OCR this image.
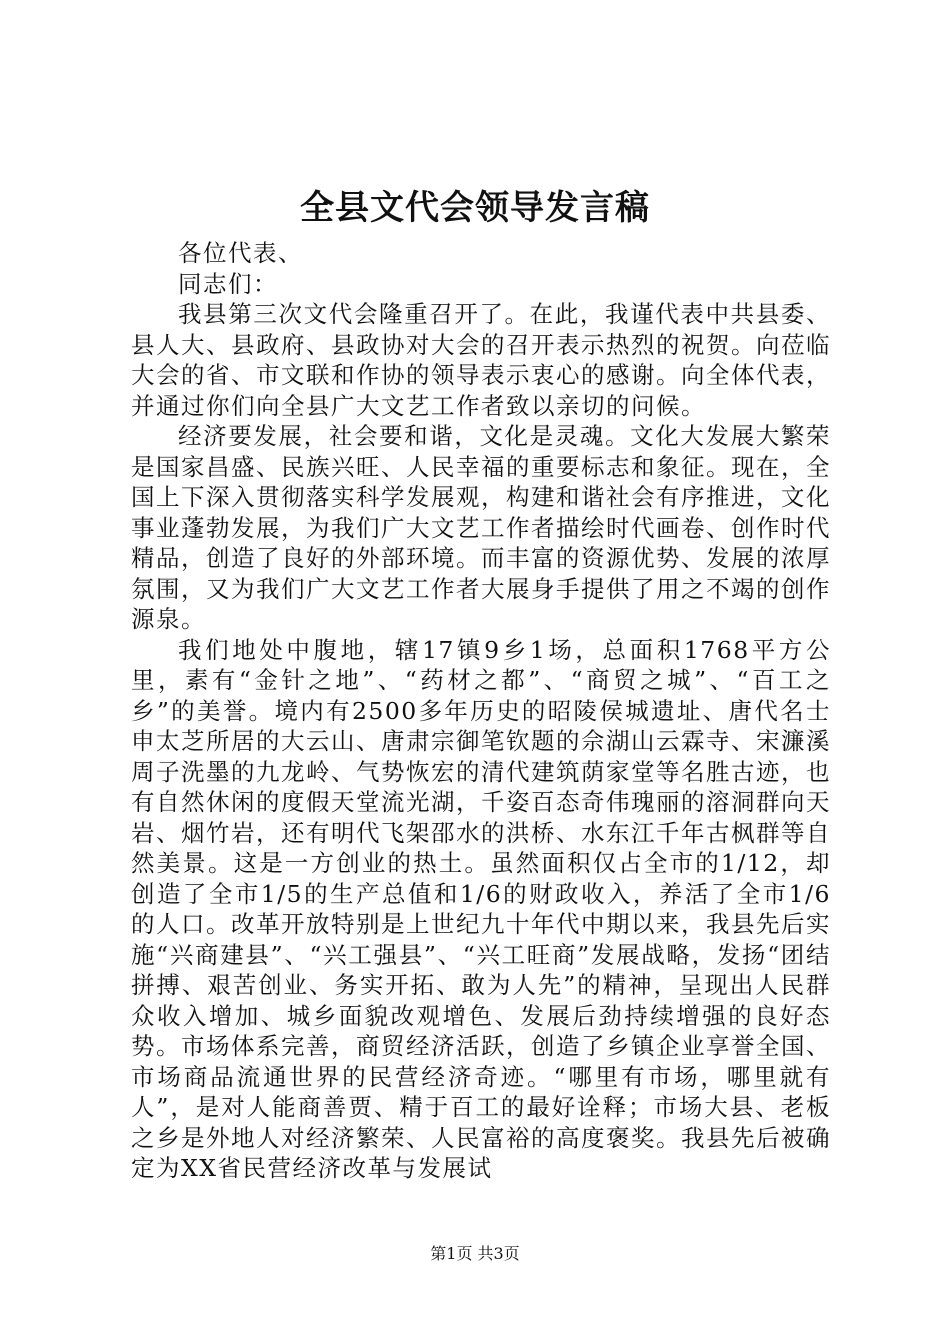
全县文代会领导发言稿

各位代表、

同志们：

我县第三次文代会隆重召开了。在此，我谨代表中共县委、县人大、县政府、县政协对大会的召开表示热烈的祝贺。向莅临大会的省、市文联和作协的领导表示衷心的感谢。向全体代表，并通过你们向全县广大文艺工作者致以亲切的问候。

经济要发展，社会要和谐，文化是灵魂。文化大发展大繁荣是国家昌盛、民族兴旺、人民幸福的重要标志和象征。现在，全国上下深入贯彻落实科学发展观，构建和谐社会有序推进，文化事业蓬勃发展，为我们广大文艺工作者描绘时代画卷、创作时代精品，创造了良好的外部环境。而丰富的资源优势、发展的浓厚氛围，又为我们广大文艺工作者大展身手提供了用之不竭的创作源泉。

我们地处中腹地，辖17镇9乡1场，总面积1768平方公里，素有“金针之地”、“药材之都”、“商贸之城”、“百工之乡”的美誉。境内有2500多年历史的昭陵侯城遗址、唐代名士申太芝所居的大云山、唐肃宗御笔钦题的佘湖山云霖寺、宋濂溪周子洗墨的九龙岭、气势恢宏的清代建筑荫家堂等名胜古迹，也有自然休闲的度假天堂流光湖，千姿百态奇伟瑰丽的溶洞群向天岩、烟竹岩，还有明代飞架邵水的洪桥、水东江千年古枫群等自然美景。这是一方创业的热土。虽然面积仅占全市的1/12，却创造了全市1/5的生产总值和1/6的财政收入，养活了全市1/6的人口。改革开放特别是上世纪九十年代中期以来，我县先后实施“兴商建县”、“兴工强县”、“兴工旺商”发展战略，发扬“团结拼搏、艰苦创业、务实开拓、敢为人先”的精神，呈现出人民群众收入增加、城乡面貌改观增色、发展后劲持续增强的良好态势。市场体系完善，商贸经济活跃，创造了乡镇企业享誉全国、市场商品流通世界的民营经济奇迹。“哪里有市场，哪里就有人”，是对人能商善贾、精于百工的最好诠释；市场大县、老板之乡是外地人对经济繁荣、人民富裕的高度褒奖。我县先后被确定为XX省民营经济改革与发展试

第1页 共3页
